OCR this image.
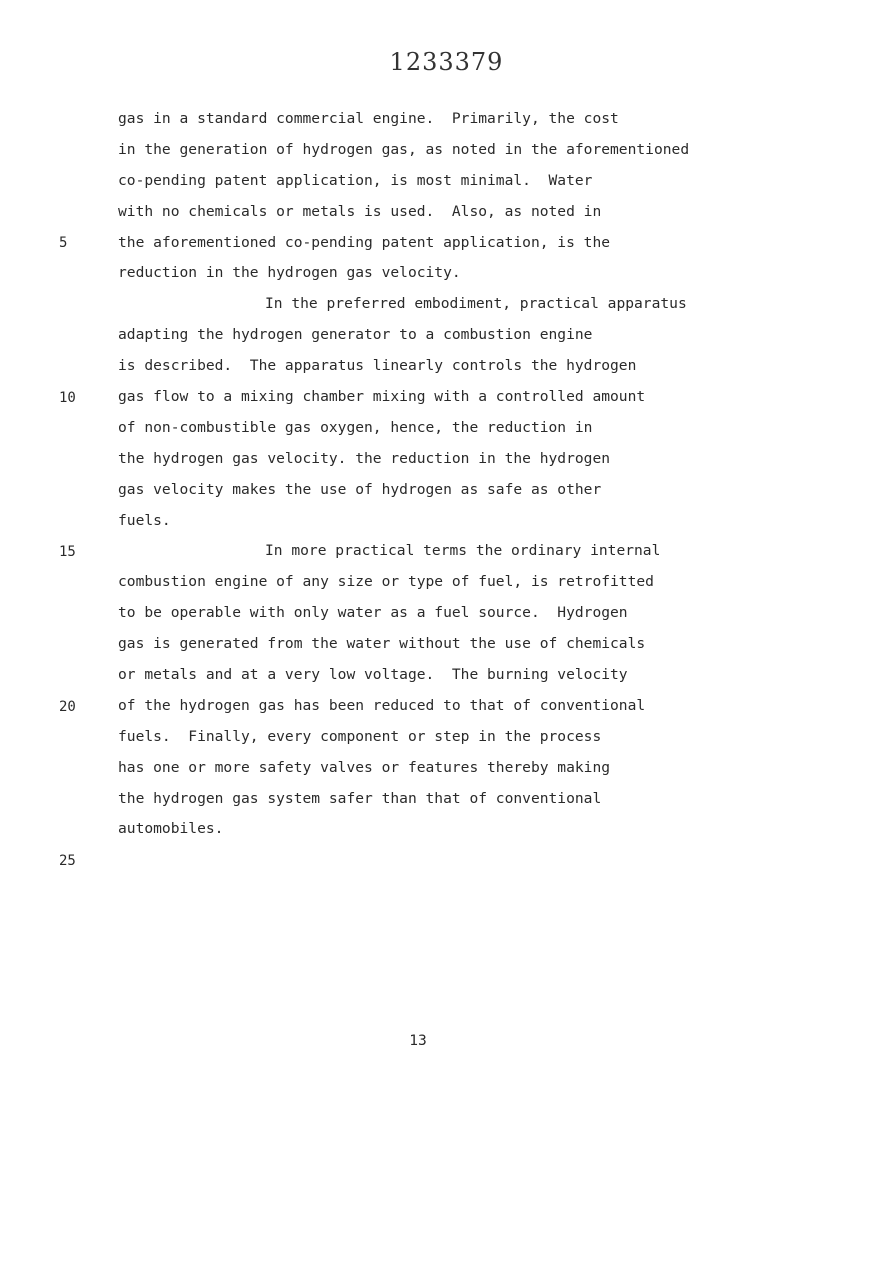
1233379
5
10
15
20
25
gas in a standard commercial engine.  Primarily, the cost
in the generation of hydrogen gas, as noted in the aforementioned
co-pending patent application, is most minimal.  Water
with no chemicals or metals is used.  Also, as noted in
the aforementioned co-pending patent application, is the
reduction in the hydrogen gas velocity.
In the preferred embodiment, practical apparatus
adapting the hydrogen generator to a combustion engine
is described.  The apparatus linearly controls the hydrogen
gas flow to a mixing chamber mixing with a controlled amount
of non-combustible gas oxygen, hence, the reduction in
the hydrogen gas velocity. the reduction in the hydrogen
gas velocity makes the use of hydrogen as safe as other
fuels.
In more practical terms the ordinary internal
combustion engine of any size or type of fuel, is retrofitted
to be operable with only water as a fuel source.  Hydrogen
gas is generated from the water without the use of chemicals
or metals and at a very low voltage.  The burning velocity
of the hydrogen gas has been reduced to that of conventional
fuels.  Finally, every component or step in the process
has one or more safety valves or features thereby making
the hydrogen gas system safer than that of conventional
automobiles.
13
